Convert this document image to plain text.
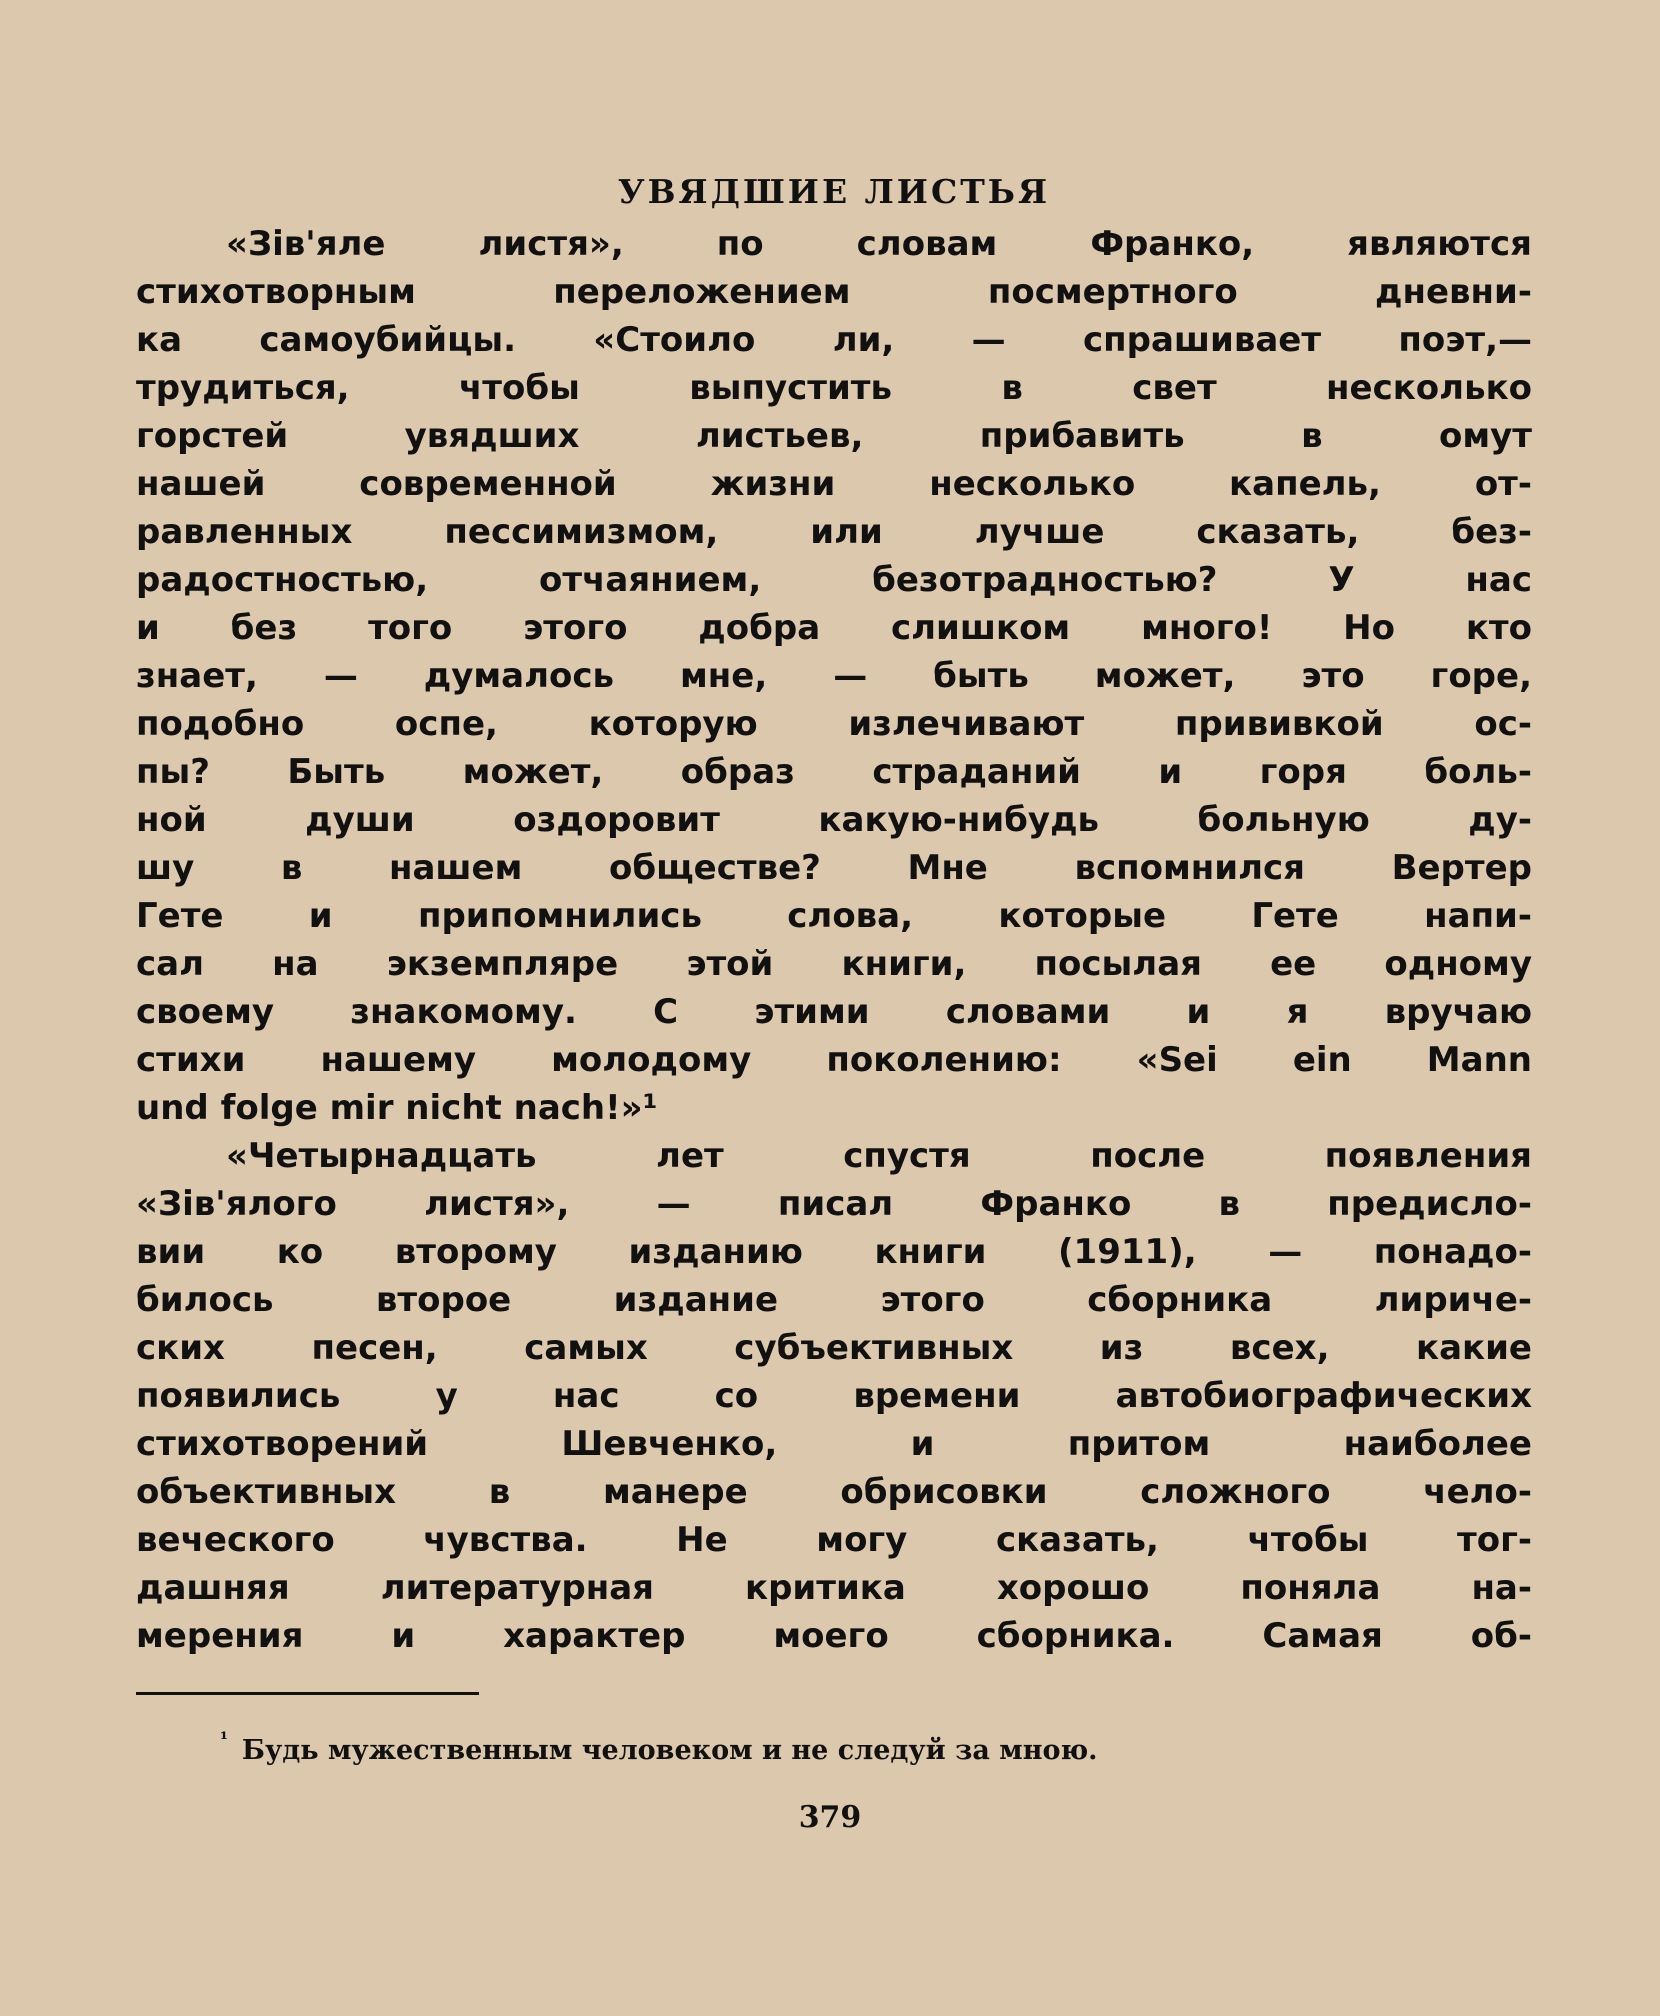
УВЯДШИЕ ЛИСТЬЯ
«Зів'яле листя», по словам Франко, являются
стихотворным переложением посмертного дневни-
ка самоубийцы. «Стоило ли, — спрашивает поэт,—
трудиться, чтобы выпустить в свет несколько
горстей увядших листьев, прибавить в омут
нашей современной жизни несколько капель, от-
равленных пессимизмом, или лучше сказать, без-
радостностью, отчаянием, безотрадностью? У нас
и без того этого добра слишком много! Но кто
знает, — думалось мне, — быть может, это горе,
подобно оспе, которую излечивают прививкой ос-
пы? Быть может, образ страданий и горя боль-
ной души оздоровит какую-нибудь больную ду-
шу в нашем обществе? Мне вспомнился Вертер
Гете и припомнились слова, которые Гете напи-
сал на экземпляре этой книги, посылая ее одному
своему знакомому. С этими словами и я вручаю
стихи нашему молодому поколению: «Sei ein Mann
und folge mir nicht nach!»¹
«Четырнадцать лет спустя после появления
«Зів'ялого листя», — писал Франко в предисло-
вии ко второму изданию книги (1911), — понадо-
билось второе издание этого сборника лириче-
ских песен, самых субъективных из всех, какие
появились у нас со времени автобиографических
стихотворений Шевченко, и притом наиболее
объективных в манере обрисовки сложного чело-
веческого чувства. Не могу сказать, чтобы тог-
дашняя литературная критика хорошо поняла на-
мерения и характер моего сборника. Самая об-
$^{^1}$ Будь мужественным человеком и не следуй за мною.
379
